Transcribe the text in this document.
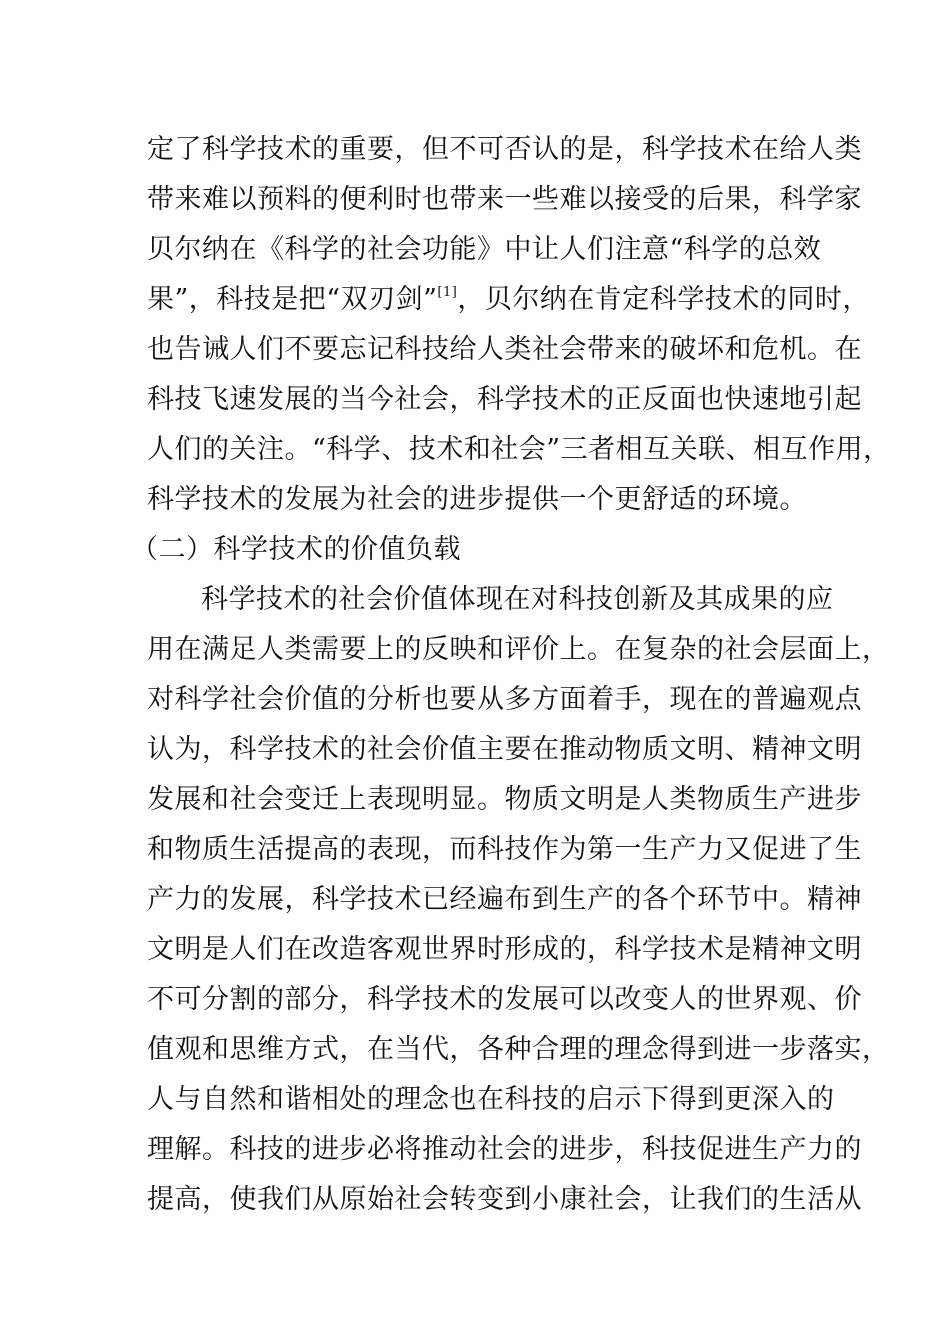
定了科学技术的重要，但不可否认的是，科学技术在给人类
带来难以预料的便利时也带来一些难以接受的后果，科学家
贝尔纳在《科学的社会功能》中让人们注意“科学的总效
果”，科技是把“双刃剑”[1]，贝尔纳在肯定科学技术的同时，
也告诫人们不要忘记科技给人类社会带来的破坏和危机。在
科技飞速发展的当今社会，科学技术的正反面也快速地引起
人们的关注。“科学、技术和社会”三者相互关联、相互作用，
科学技术的发展为社会的进步提供一个更舒适的环境。
（二）科学技术的价值负载
科学技术的社会价值体现在对科技创新及其成果的应
用在满足人类需要上的反映和评价上。在复杂的社会层面上，
对科学社会价值的分析也要从多方面着手，现在的普遍观点
认为，科学技术的社会价值主要在推动物质文明、精神文明
发展和社会变迁上表现明显。物质文明是人类物质生产进步
和物质生活提高的表现，而科技作为第一生产力又促进了生
产力的发展，科学技术已经遍布到生产的各个环节中。精神
文明是人们在改造客观世界时形成的，科学技术是精神文明
不可分割的部分，科学技术的发展可以改变人的世界观、价
值观和思维方式，在当代，各种合理的理念得到进一步落实，
人与自然和谐相处的理念也在科技的启示下得到更深入的
理解。科技的进步必将推动社会的进步，科技促进生产力的
提高，使我们从原始社会转变到小康社会，让我们的生活从
